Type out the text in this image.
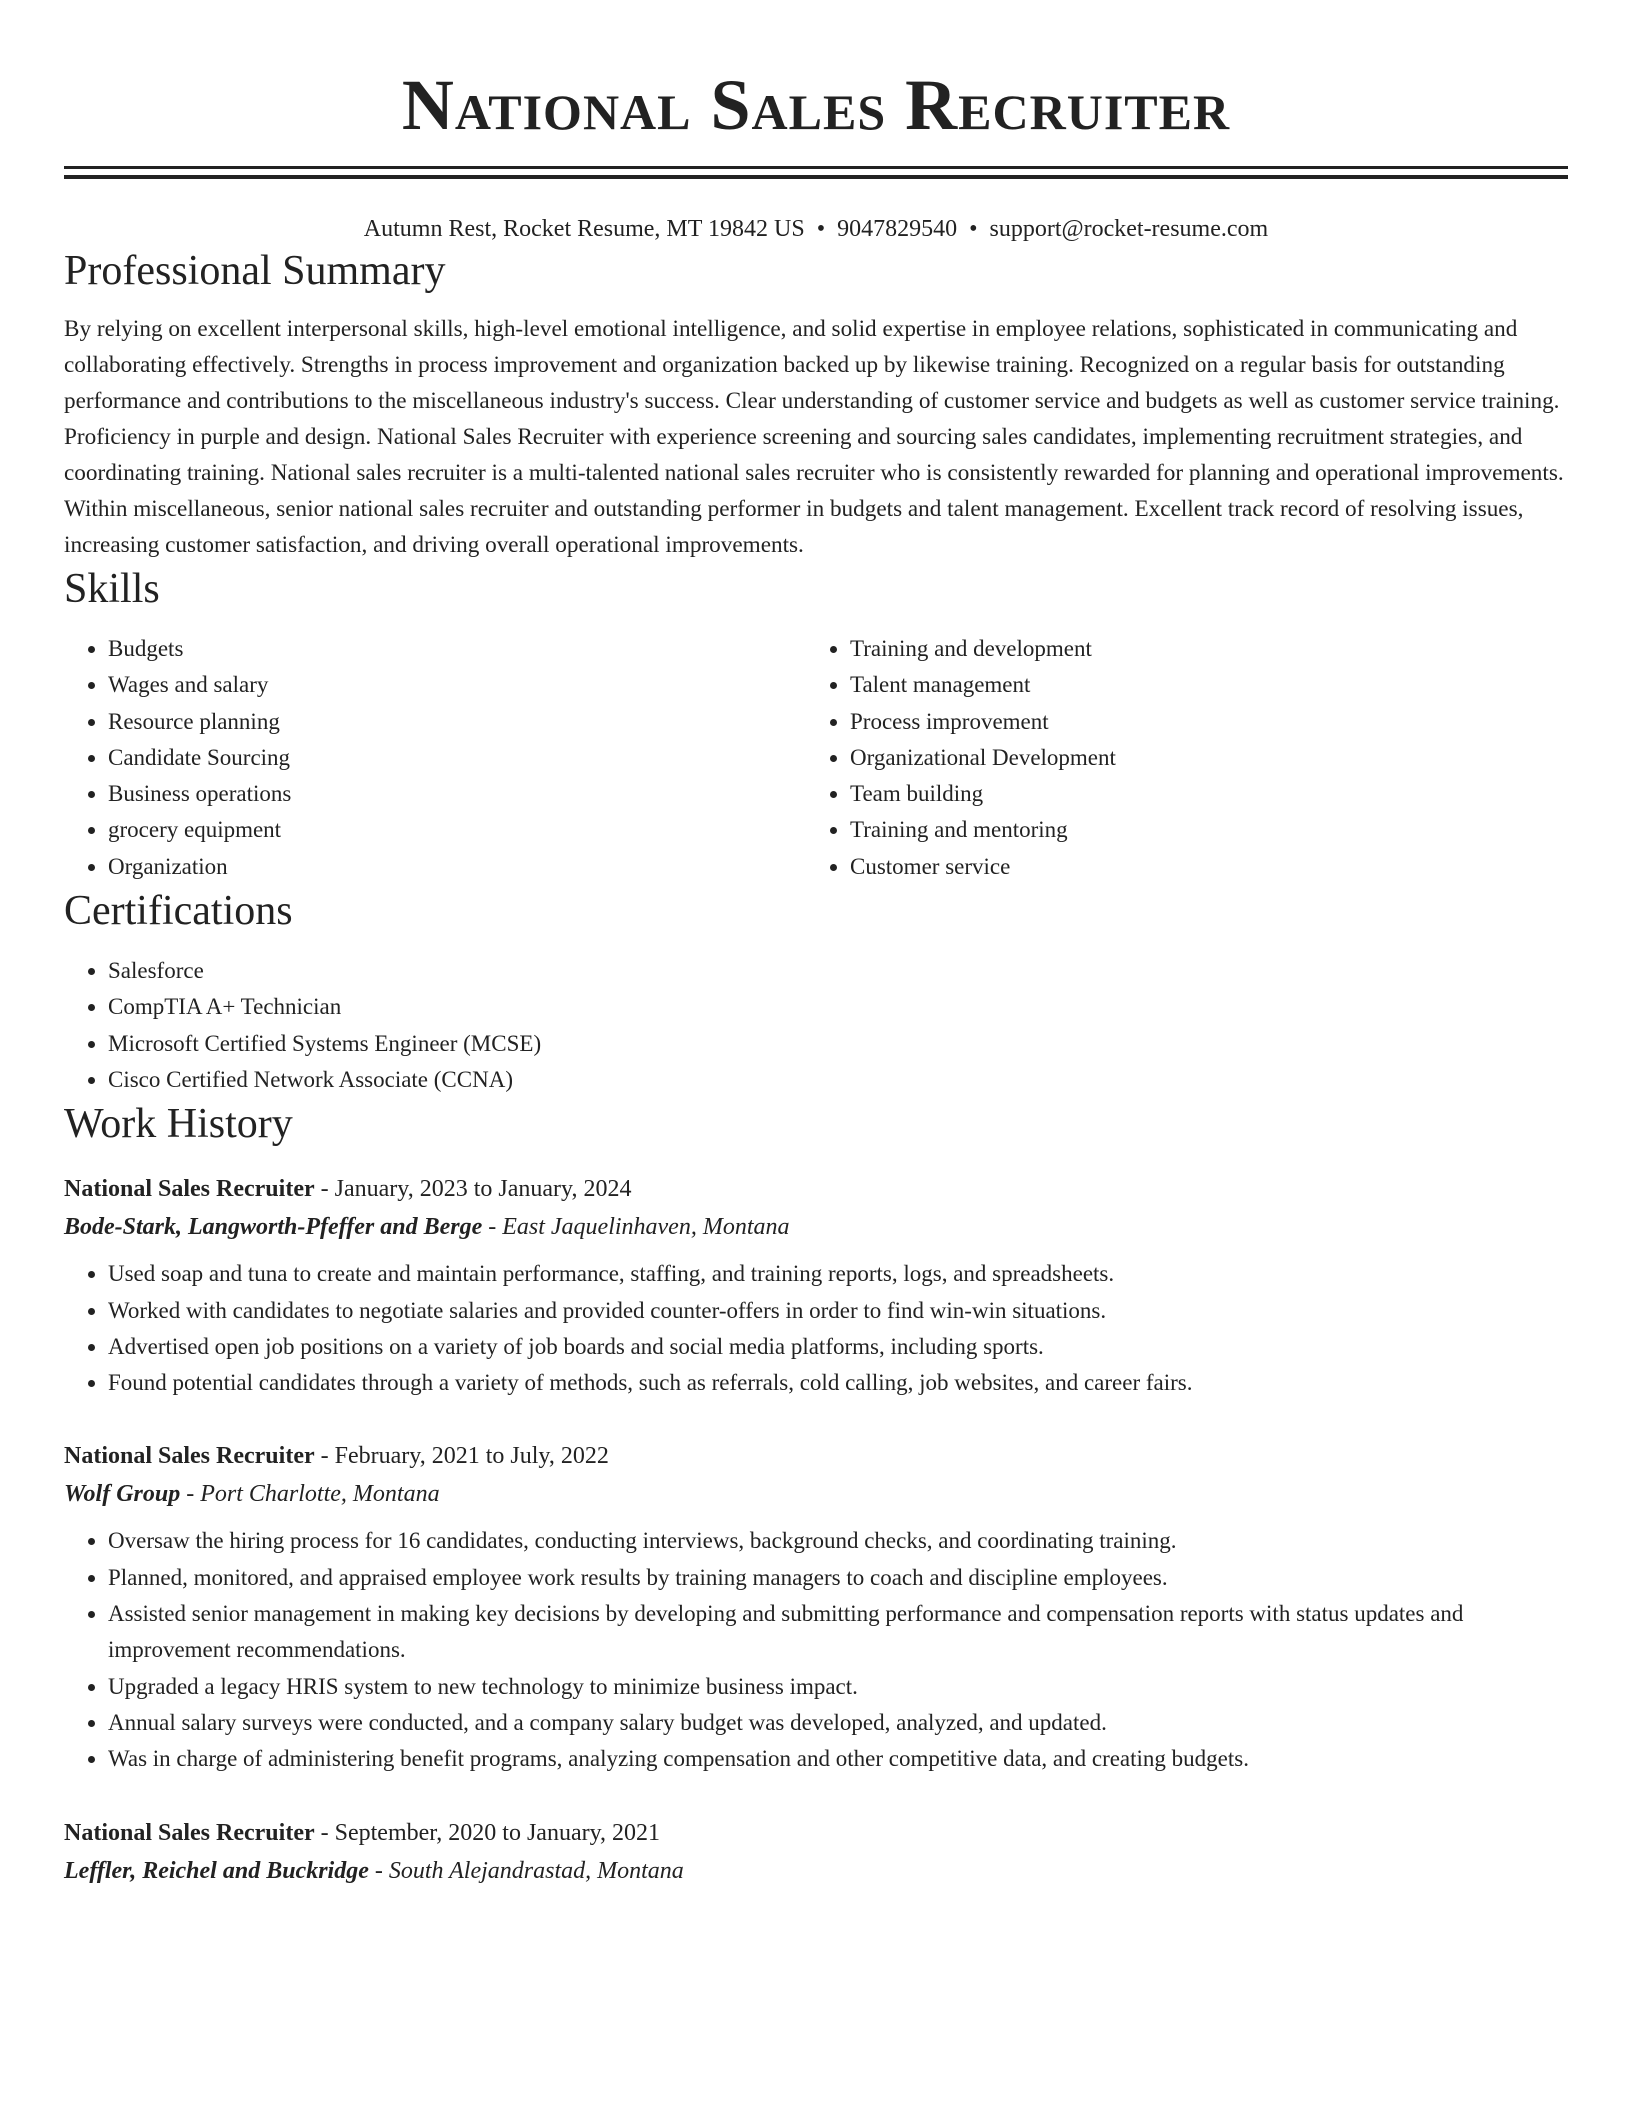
National Sales Recruiter
Autumn Rest, Rocket Resume, MT 19842 US • 9047829540 • support@rocket-resume.com
Professional Summary

By relying on excellent interpersonal skills, high-level emotional intelligence, and solid expertise in employee relations, sophisticated in communicating and collaborating effectively. Strengths in process improvement and organization backed up by likewise training. Recognized on a regular basis for outstanding performance and contributions to the miscellaneous industry's success. Clear understanding of customer service and budgets as well as customer service training. Proficiency in purple and design. National Sales Recruiter with experience screening and sourcing sales candidates, implementing recruitment strategies, and coordinating training. National sales recruiter is a multi-talented national sales recruiter who is consistently rewarded for planning and operational improvements. Within miscellaneous, senior national sales recruiter and outstanding performer in budgets and talent management. Excellent track record of resolving issues, increasing customer satisfaction, and driving overall operational improvements.

Skills
• Budgets
• Wages and salary
• Resource planning
• Candidate Sourcing
• Business operations
• grocery equipment
• Organization
• Training and development
• Talent management
• Process improvement
• Organizational Development
• Team building
• Training and mentoring
• Customer service
Certifications
• Salesforce
• CompTIA A+ Technician
• Microsoft Certified Systems Engineer (MCSE)
• Cisco Certified Network Associate (CCNA)
Work History
National Sales Recruiter - January, 2023 to January, 2024
Bode-Stark, Langworth-Pfeffer and Berge - East Jaquelinhaven, Montana
• Used soap and tuna to create and maintain performance, staffing, and training reports, logs, and spreadsheets.
• Worked with candidates to negotiate salaries and provided counter-offers in order to find win-win situations.
• Advertised open job positions on a variety of job boards and social media platforms, including sports.
• Found potential candidates through a variety of methods, such as referrals, cold calling, job websites, and career fairs.
National Sales Recruiter - February, 2021 to July, 2022
Wolf Group - Port Charlotte, Montana
• Oversaw the hiring process for 16 candidates, conducting interviews, background checks, and coordinating training.
• Planned, monitored, and appraised employee work results by training managers to coach and discipline employees.
• Assisted senior management in making key decisions by developing and submitting performance and compensation reports with status updates and improvement recommendations.
• Upgraded a legacy HRIS system to new technology to minimize business impact.
• Annual salary surveys were conducted, and a company salary budget was developed, analyzed, and updated.
• Was in charge of administering benefit programs, analyzing compensation and other competitive data, and creating budgets.
National Sales Recruiter - September, 2020 to January, 2021
Leffler, Reichel and Buckridge - South Alejandrastad, Montana
